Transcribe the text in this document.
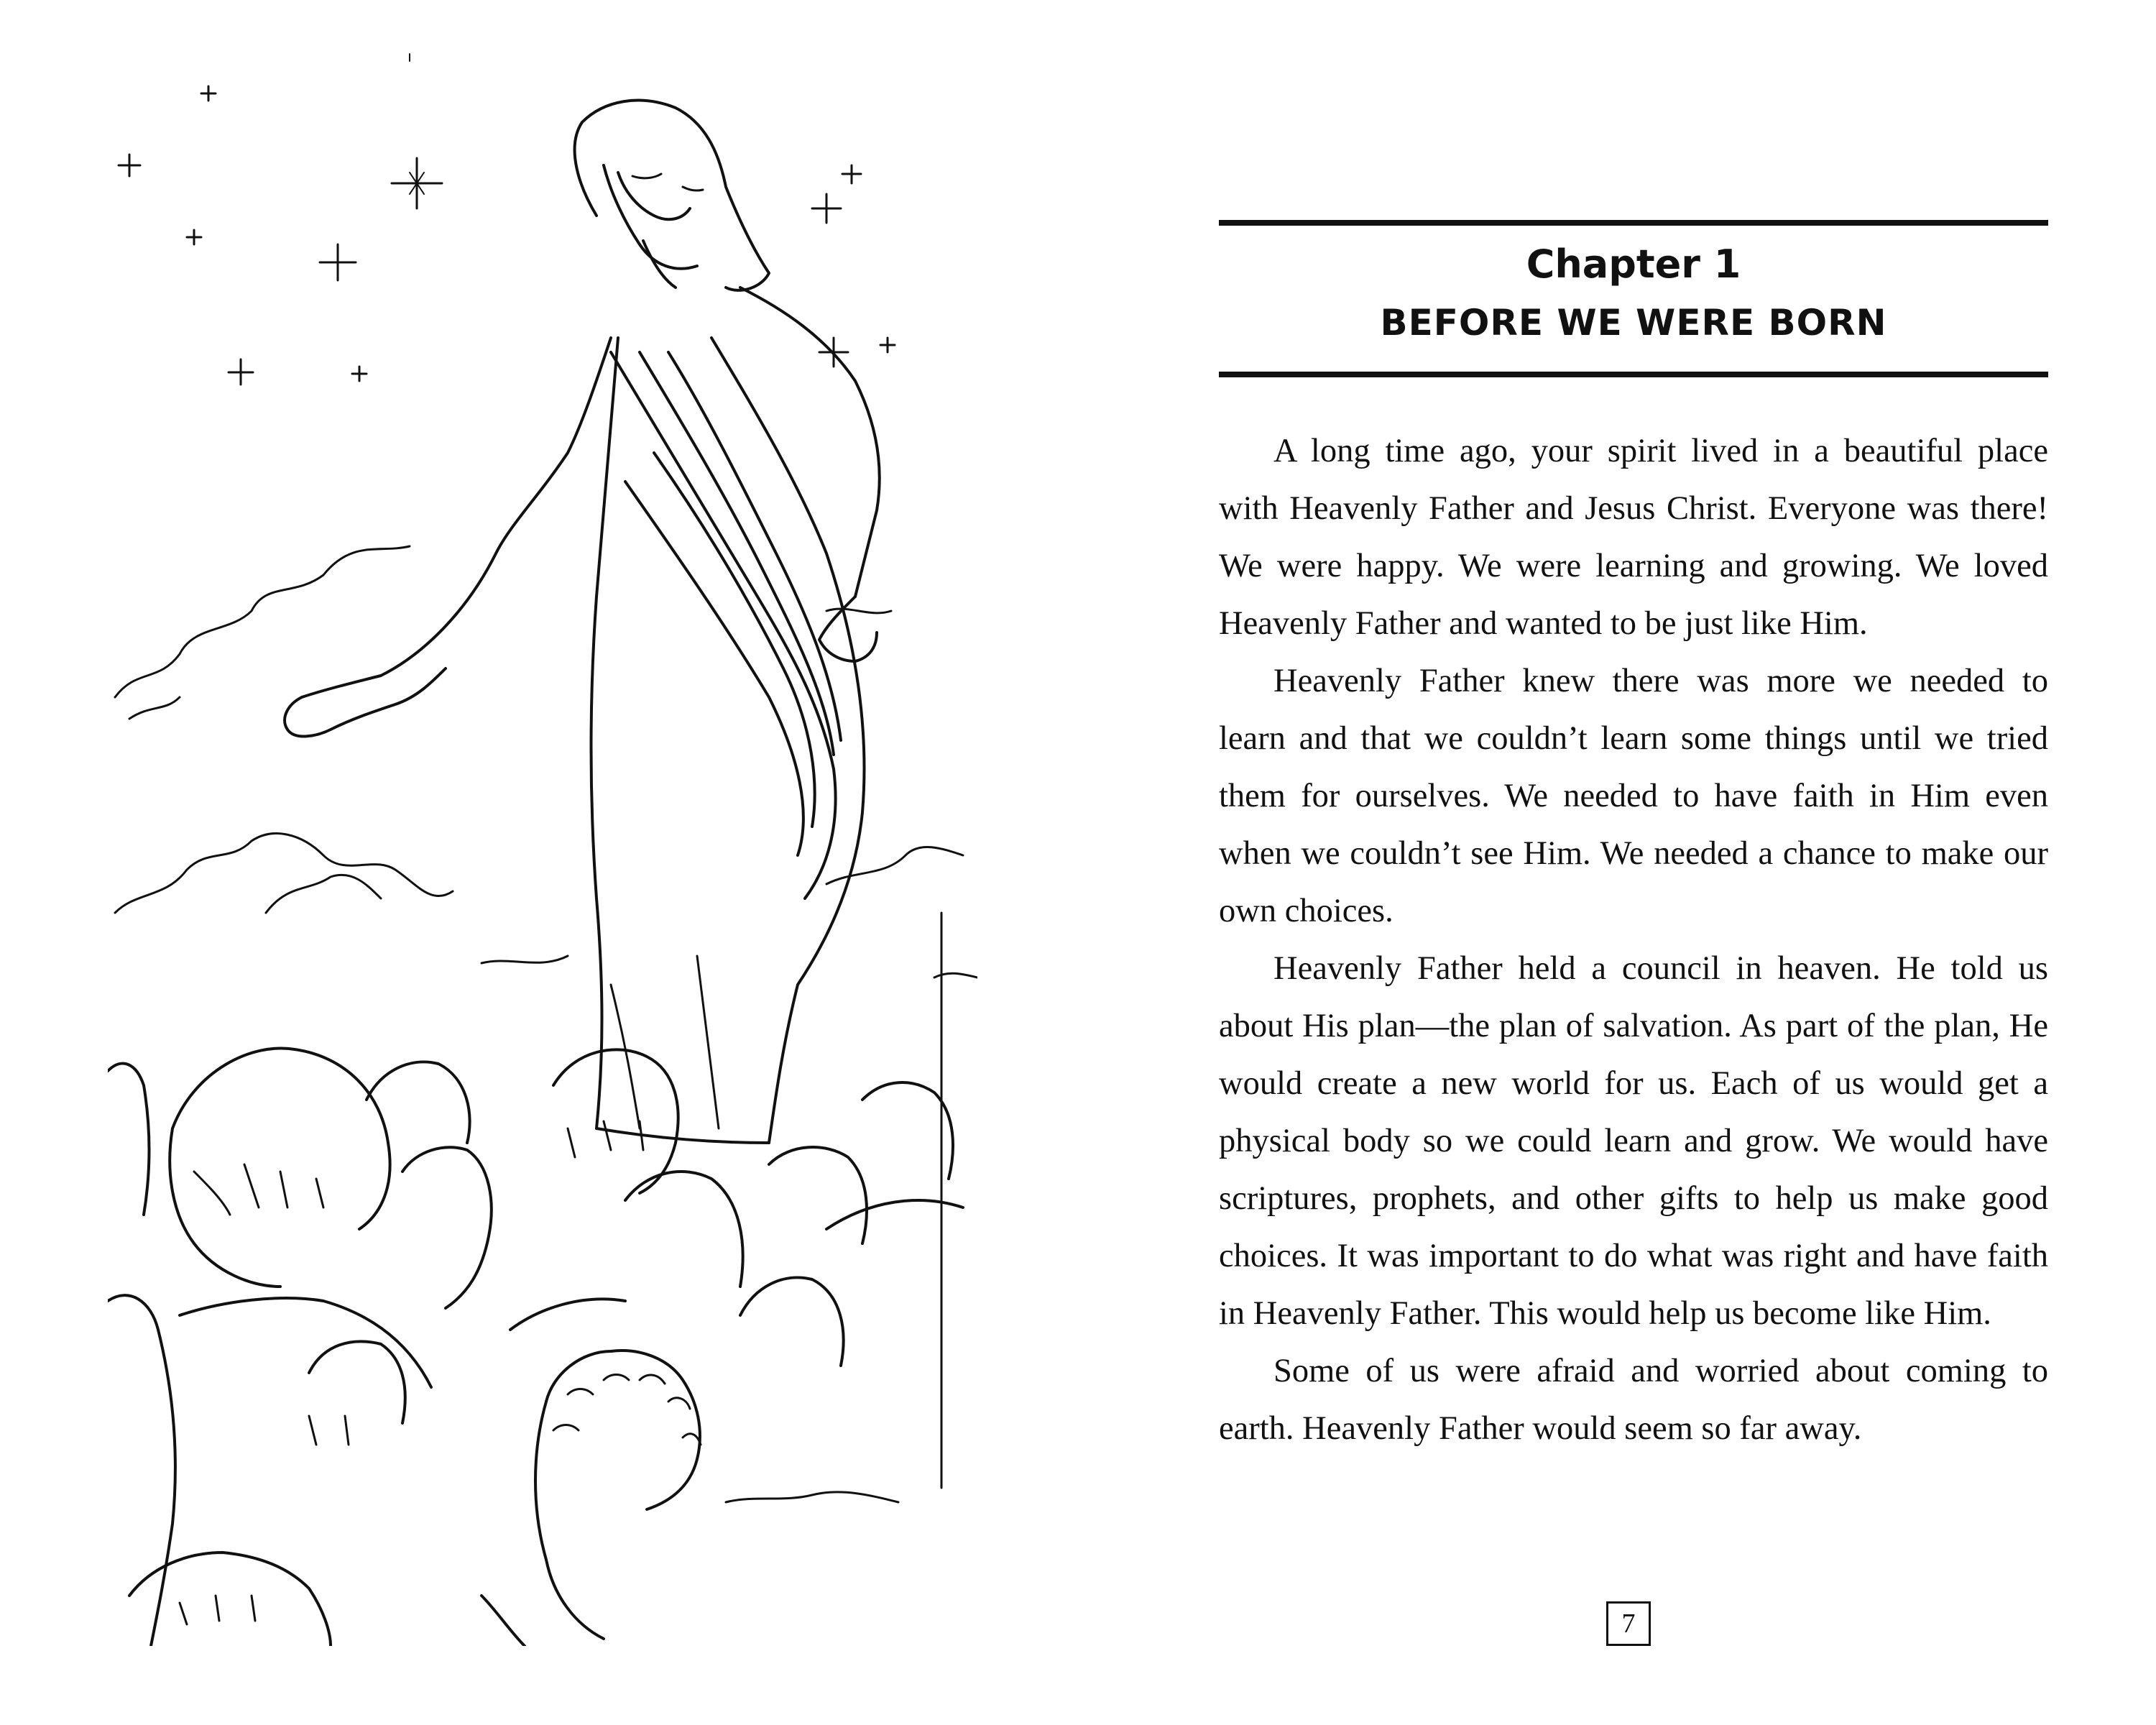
Chapter 1
BEFORE WE WERE BORN

A long time ago, your spirit lived in a beautiful place with Heavenly Father and Jesus Christ. Everyone was there! We were happy. We were learning and growing. We loved Heavenly Father and wanted to be just like Him.

Heavenly Father knew there was more we needed to learn and that we couldn’t learn some things until we tried them for ourselves. We needed to have faith in Him even when we couldn’t see Him. We needed a chance to make our own choices.

Heavenly Father held a council in heaven. He told us about His plan—the plan of salvation. As part of the plan, He would create a new world for us. Each of us would get a physical body so we could learn and grow. We would have scriptures, prophets, and other gifts to help us make good choices. It was important to do what was right and have faith in Heavenly Father. This would help us become like Him.

Some of us were afraid and worried about coming to earth. Heavenly Father would seem so far away.

7
